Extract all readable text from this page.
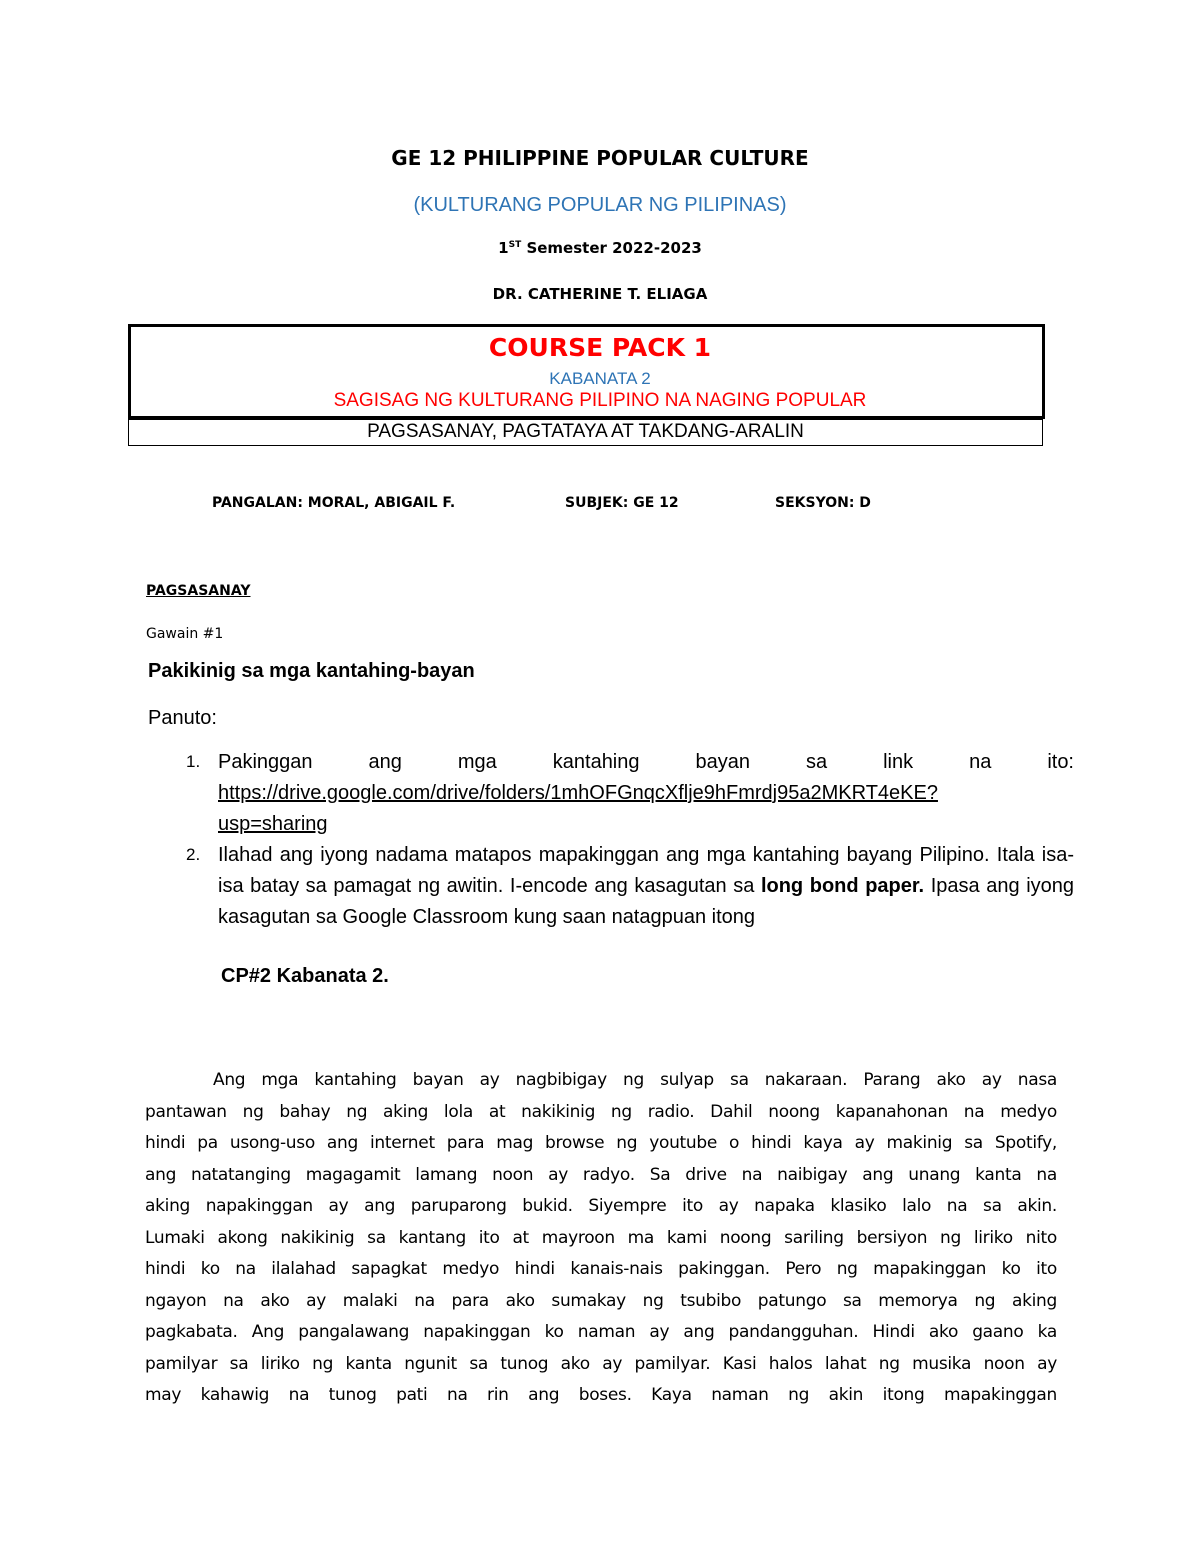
GE 12 PHILIPPINE POPULAR CULTURE
(KULTURANG POPULAR NG PILIPINAS)
1ST Semester 2022-2023
DR. CATHERINE T. ELIAGA
COURSE PACK 1
KABANATA 2
SAGISAG NG KULTURANG PILIPINO NA NAGING POPULAR
PAGSASANAY, PAGTATAYA AT TAKDANG-ARALIN
PANGALAN: MORAL, ABIGAIL F.	SUBJEK: GE 12	SEKSYON: D
PAGSASANAY
Gawain #1
Pakikinig sa mga kantahing-bayan
Panuto:
1. Pakinggan ang mga kantahing bayan sa link na ito:
https://drive.google.com/drive/folders/1mhOFGnqcXflje9hFmrdj95a2MKRT4eKE?
usp=sharing
2. Ilahad ang iyong nadama matapos mapakinggan ang mga kantahing bayang Pilipino. Itala isa-isa batay sa pamagat ng awitin. I-encode ang kasagutan sa long bond paper. Ipasa ang iyong kasagutan sa Google Classroom kung saan natagpuan itong
CP#2 Kabanata 2.
Ang mga kantahing bayan ay nagbibigay ng sulyap sa nakaraan. Parang ako ay nasa
pantawan ng bahay ng aking lola at nakikinig ng radio. Dahil noong kapanahonan na medyo
hindi pa usong-uso ang internet para mag browse ng youtube o hindi kaya ay makinig sa Spotify,
ang natatanging magagamit lamang noon ay radyo. Sa drive na naibigay ang unang kanta na
aking napakinggan ay ang paruparong bukid. Siyempre ito ay napaka klasiko lalo na sa akin.
Lumaki akong nakikinig sa kantang ito at mayroon ma kami noong sariling bersiyon ng liriko nito
hindi ko na ilalahad sapagkat medyo hindi kanais-nais pakinggan. Pero ng mapakinggan ko ito
ngayon na ako ay malaki na para ako sumakay ng tsubibo patungo sa memorya ng aking
pagkabata. Ang pangalawang napakinggan ko naman ay ang pandangguhan. Hindi ako gaano ka
pamilyar sa liriko ng kanta ngunit sa tunog ako ay pamilyar. Kasi halos lahat ng musika noon ay
may kahawig na tunog pati na rin ang boses. Kaya naman ng akin itong mapakinggan
